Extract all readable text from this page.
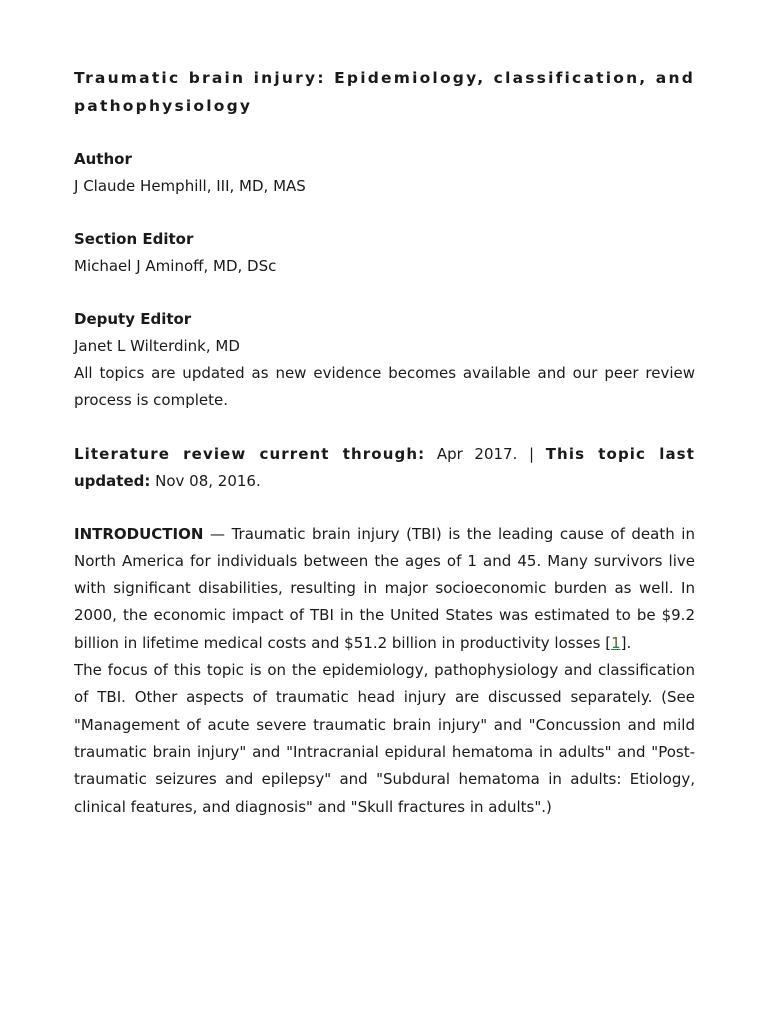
Traumatic brain injury: Epidemiology, classification, and
pathophysiology
Author
J Claude Hemphill, III, MD, MAS
Section Editor
Michael J Aminoff, MD, DSc
Deputy Editor
Janet L Wilterdink, MD

All topics are updated as new evidence becomes available and our peer review process is complete.

Literature review current through: Apr 2017. | This topic last
updated: Nov 08, 2016.

INTRODUCTION — Traumatic brain injury (TBI) is the leading cause of death in North America for individuals between the ages of 1 and 45. Many survivors live with significant disabilities, resulting in major socioeconomic burden as well. In 2000, the economic impact of TBI in the United States was estimated to be $9.2 billion in lifetime medical costs and $51.2 billion in productivity losses [1].

The focus of this topic is on the epidemiology, pathophysiology and classification of TBI. Other aspects of traumatic head injury are discussed separately. (See "Management of acute severe traumatic brain injury" and "Concussion and mild traumatic brain injury" and "Intracranial epidural hematoma in adults" and "Post-traumatic seizures and epilepsy" and "Subdural hematoma in adults: Etiology, clinical features, and diagnosis" and "Skull fractures in adults".)
